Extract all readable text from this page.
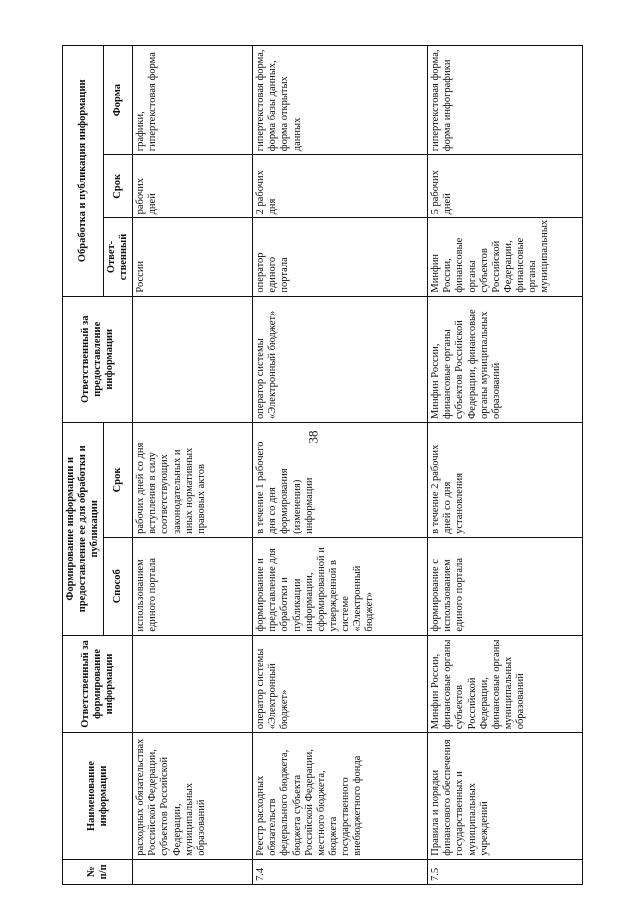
38
№ п/п	Наименование информации	Ответственный за формирование информации	Формирование информации и предоставление ее для обработки и публикации		Ответственный за предоставление информации	Обработка и публикация информации		
			Способ	Срок		Ответ-ственный	Срок	Форма
	расходных обязательствах Российской Федерации, субъектов Российской Федерации, муниципальных образований		использованием единого портала	рабочих дней со дня вступления в силу соответствующих законодательных и иных нормативных правовых актов		России	рабочих дней	графики, гипертекстовая форма
7.4	Реестр расходных обязательств федерального бюджета, бюджета субъекта Российской Федерации, местного бюджета, бюджета государственного внебюджетного фонда	оператор системы «Электронный бюджет»	формирование и представление для обработки и публикации информации, сформированной и утвержденной в системе «Электронный бюджет»	в течение 1 рабочего дня со дня формирования (изменения) информации	оператор системы «Электронный бюджет»	оператор единого портала	2 рабочих дня	гипертекстовая форма, форма базы данных, форма открытых данных
7.5	Правила и порядки финансового обеспечения государственных и муниципальных учреждений	Минфин России, финансовые органы субъектов Российской Федерации, финансовые органы муниципальных образований	формирование с использованием единого портала	в течение 2 рабочих дней со дня установления	Минфин России, финансовые органы субъектов Российской Федерации, финансовые органы муниципальных образований	Минфин России, финансовые органы субъектов Российской Федерации, финансовые органы муниципальных	5 рабочих дней	гипертекстовая форма, форма инфографики
